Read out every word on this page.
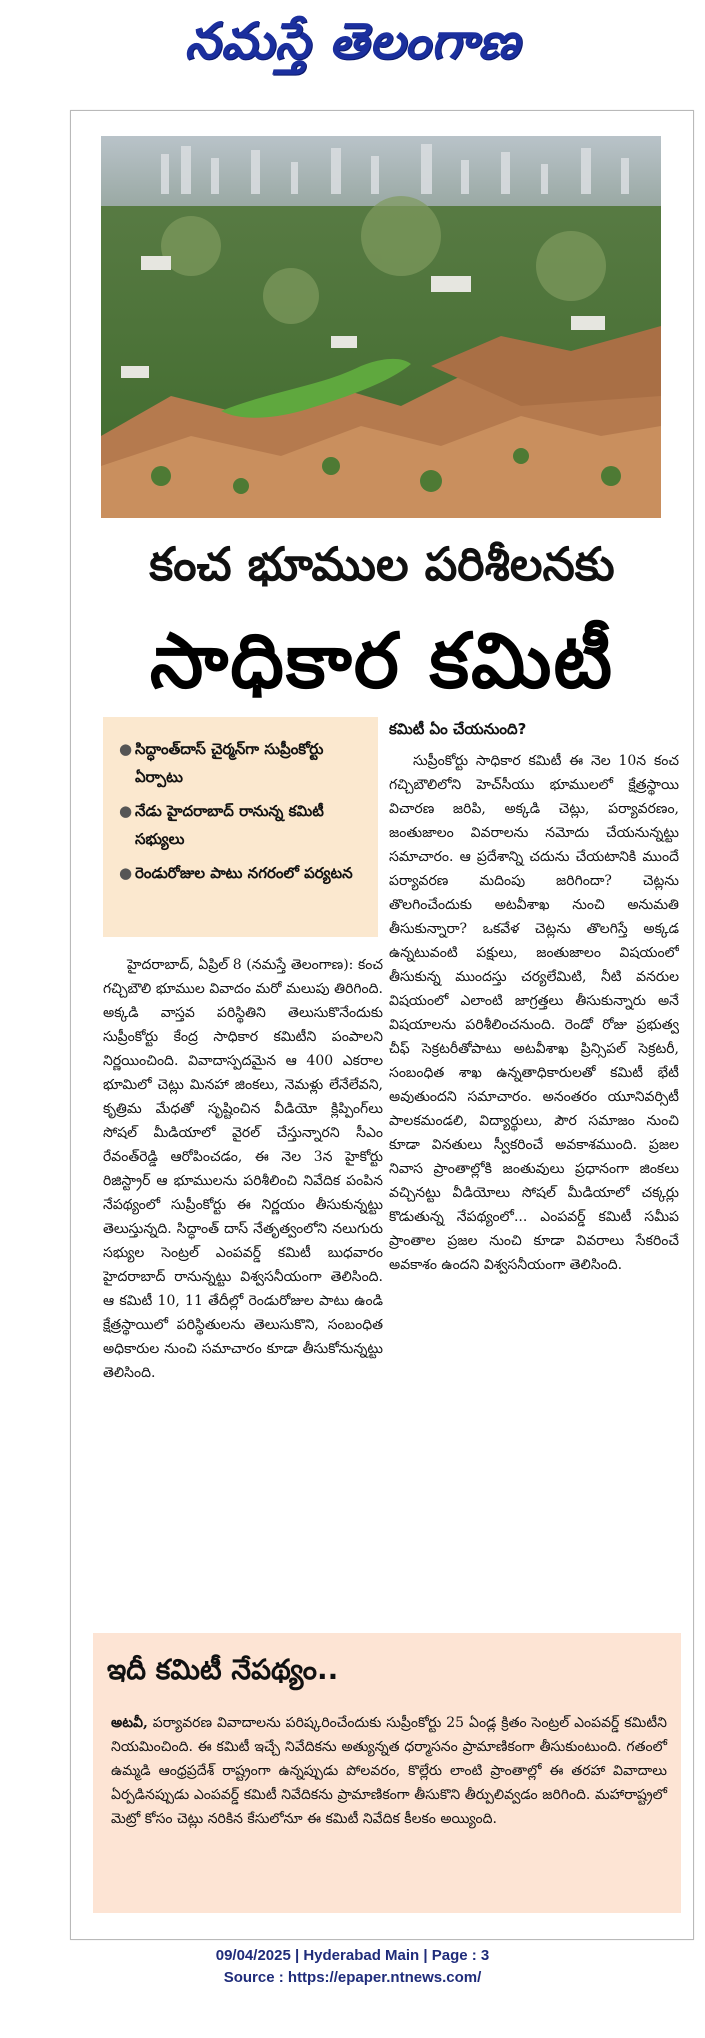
నమస్తే తెలంగాణ
కంచ భూముల పరిశీలనకు
సాధికార కమిటీ
● సిద్ధాంత్‌దాస్ చైర్మన్‌గా సుప్రీంకోర్టు ఏర్పాటు
● నేడు హైదరాబాద్ రానున్న కమిటీ సభ్యులు
● రెండురోజుల పాటు నగరంలో పర్యటన

హైదరాబాద్, ఏప్రిల్ 8 (నమస్తే తెలంగాణ): కంచ గచ్చిబౌలి భూముల వివాదం మరో మలుపు తిరిగింది. అక్కడి వాస్తవ పరిస్థితిని తెలుసుకొనేందుకు సుప్రీంకోర్టు కేంద్ర సాధికార కమిటీని పంపాలని నిర్ణయించింది. వివాదాస్పదమైన ఆ 400 ఎకరాల భూమిలో చెట్లు మినహా జింకలు, నెమళ్లు లేనేలేవని, కృత్రిమ మేధతో సృష్టించిన వీడియో క్లిప్పింగ్‌లు సోషల్ మీడియాలో వైరల్ చేస్తున్నారని సీఎం రేవంత్‌రెడ్డి ఆరోపించడం, ఈ నెల 3న హైకోర్టు రిజిస్ట్రార్ ఆ భూములను పరిశీలించి నివేదిక పంపిన నేపథ్యంలో సుప్రీంకోర్టు ఈ నిర్ణయం తీసుకున్నట్టు తెలుస్తున్నది. సిద్ధాంత్ దాస్ నేతృత్వంలోని నలుగురు సభ్యుల సెంట్రల్ ఎంపవర్డ్ కమిటీ బుధవారం హైదరాబాద్ రానున్నట్టు విశ్వసనీయంగా తెలిసింది. ఆ కమిటీ 10, 11 తేదీల్లో రెండురోజుల పాటు ఉండి క్షేత్రస్థాయిలో పరిస్థితులను తెలుసుకొని, సంబంధిత అధికారుల నుంచి సమాచారం కూడా తీసుకోనున్నట్టు తెలిసింది.

కమిటీ ఏం చేయనుంది?

సుప్రీంకోర్టు సాధికార కమిటీ ఈ నెల 10న కంచ గచ్చిబౌలిలోని హెచ్‌సీయు భూములలో క్షేత్రస్థాయి విచారణ జరిపి, అక్కడి చెట్లు, పర్యావరణం, జంతుజాలం వివరాలను నమోదు చేయనున్నట్టు సమాచారం. ఆ ప్రదేశాన్ని చదును చేయటానికి ముందే పర్యావరణ మదింపు జరిగిందా? చెట్లను తొలగించేందుకు అటవీశాఖ నుంచి అనుమతి తీసుకున్నారా? ఒకవేళ చెట్లను తొలగిస్తే అక్కడ ఉన్నటువంటి పక్షులు, జంతుజాలం విషయంలో తీసుకున్న ముందస్తు చర్యలేమిటి, నీటి వనరుల విషయంలో ఎలాంటి జాగ్రత్తలు తీసుకున్నారు అనే విషయాలను పరిశీలించనుంది. రెండో రోజు ప్రభుత్వ చీఫ్ సెక్రటరీతోపాటు అటవీశాఖ ప్రిన్సిపల్ సెక్రటరీ, సంబంధిత శాఖ ఉన్నతాధికారులతో కమిటీ భేటీ అవుతుందని సమాచారం. అనంతరం యూనివర్సిటీ పాలకమండలి, విద్యార్థులు, పౌర సమాజం నుంచి కూడా వినతులు స్వీకరించే అవకాశముంది. ప్రజల నివాస ప్రాంతాల్లోకి జంతువులు ప్రధానంగా జింకలు వచ్చినట్టు వీడియోలు సోషల్ మీడియాలో చక్కర్లు కొడుతున్న నేపథ్యంలో... ఎంపవర్డ్ కమిటీ సమీప ప్రాంతాల ప్రజల నుంచి కూడా వివరాలు సేకరించే అవకాశం ఉందని విశ్వసనీయంగా తెలిసింది.

ఇదీ కమిటీ నేపథ్యం..
అటవీ, పర్యావరణ వివాదాలను పరిష్కరించేందుకు సుప్రీంకోర్టు 25 ఏండ్ల క్రితం సెంట్రల్ ఎంపవర్డ్ కమిటీని నియమించింది. ఈ కమిటీ ఇచ్చే నివేదికను అత్యున్నత ధర్మాసనం ప్రామాణికంగా తీసుకుంటుంది. గతంలో ఉమ్మడి ఆంధ్రప్రదేశ్ రాష్ట్రంగా ఉన్నప్పుడు పోలవరం, కొల్లేరు లాంటి ప్రాంతాల్లో ఈ తరహా వివాదాలు ఏర్పడినప్పుడు ఎంపవర్డ్ కమిటీ నివేదికను ప్రామాణికంగా తీసుకొని తీర్పులివ్వడం జరిగింది. మహారాష్ట్రలో మెట్రో కోసం చెట్లు నరికిన కేసులోనూ ఈ కమిటీ నివేదిక కీలకం అయ్యింది.
09/04/2025 | Hyderabad Main | Page : 3
Source : https://epaper.ntnews.com/
